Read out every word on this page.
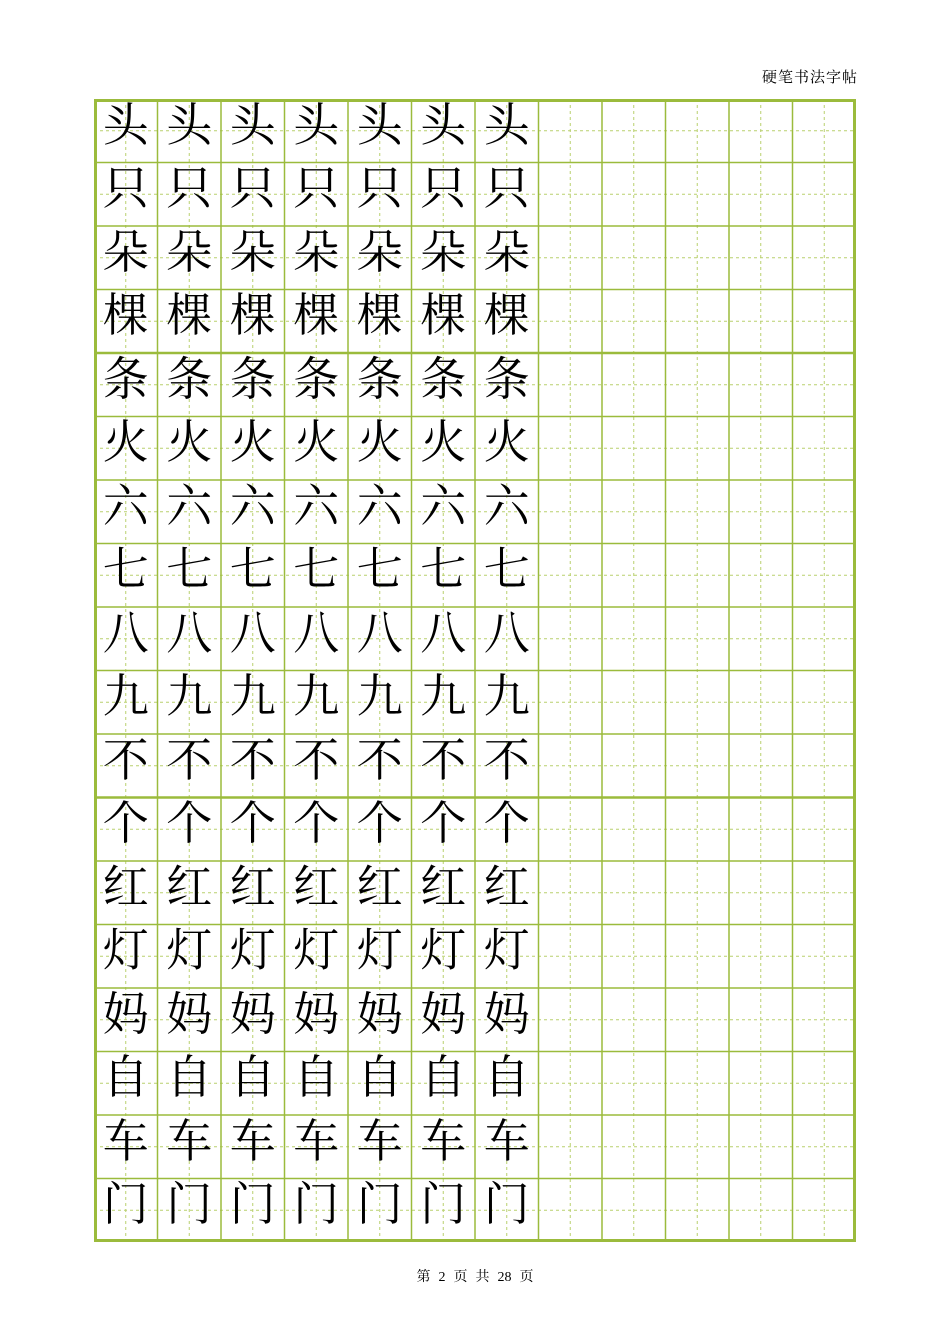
硬笔书法字帖
头 头 头 头 头 头 头
只 只 只 只 只 只 只
朵 朵 朵 朵 朵 朵 朵
棵 棵 棵 棵 棵 棵 棵
条 条 条 条 条 条 条
火 火 火 火 火 火 火
六 六 六 六 六 六 六
七 七 七 七 七 七 七
八 八 八 八 八 八 八
九 九 九 九 九 九 九
不 不 不 不 不 不 不
个 个 个 个 个 个 个
红 红 红 红 红 红 红
灯 灯 灯 灯 灯 灯 灯
妈 妈 妈 妈 妈 妈 妈
自 自 自 自 自 自 自
车 车 车 车 车 车 车
门 门 门 门 门 门 门
第 2 页 共 28 页
